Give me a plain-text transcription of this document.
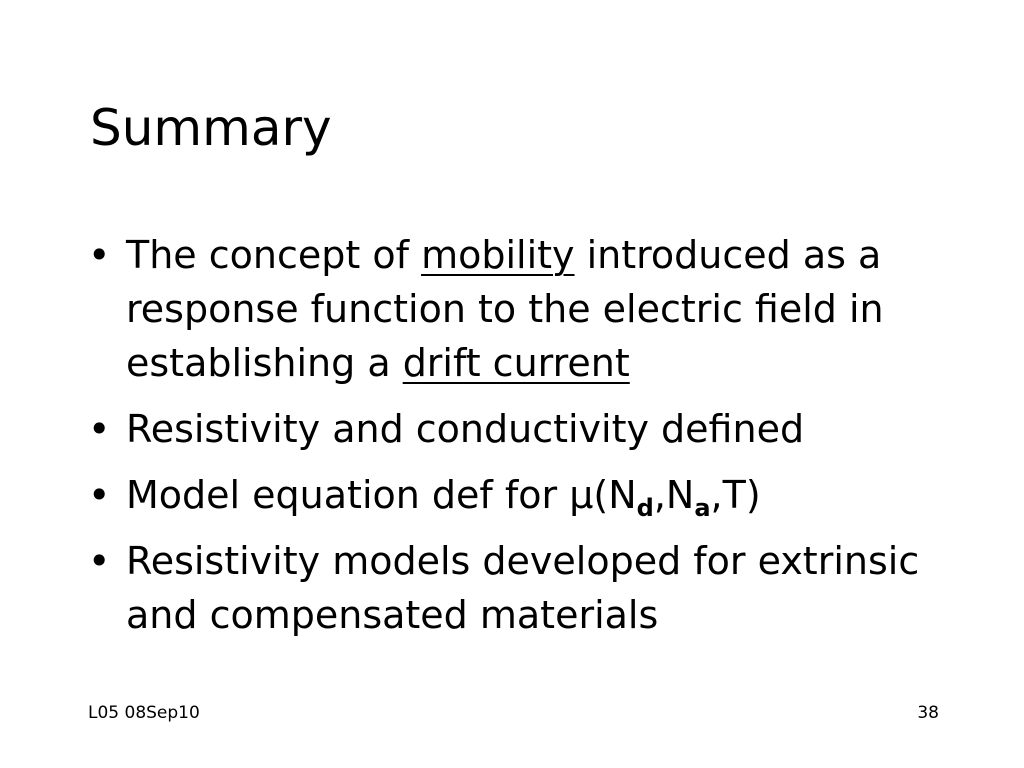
Summary
• The concept of mobility introduced as a response function to the electric field in establishing a drift current
• Resistivity and conductivity defined
• Model equation def for $\mu(N_d,N_a,T)$
• Resistivity models developed for extrinsic and compensated materials
L05 08Sep10	38
